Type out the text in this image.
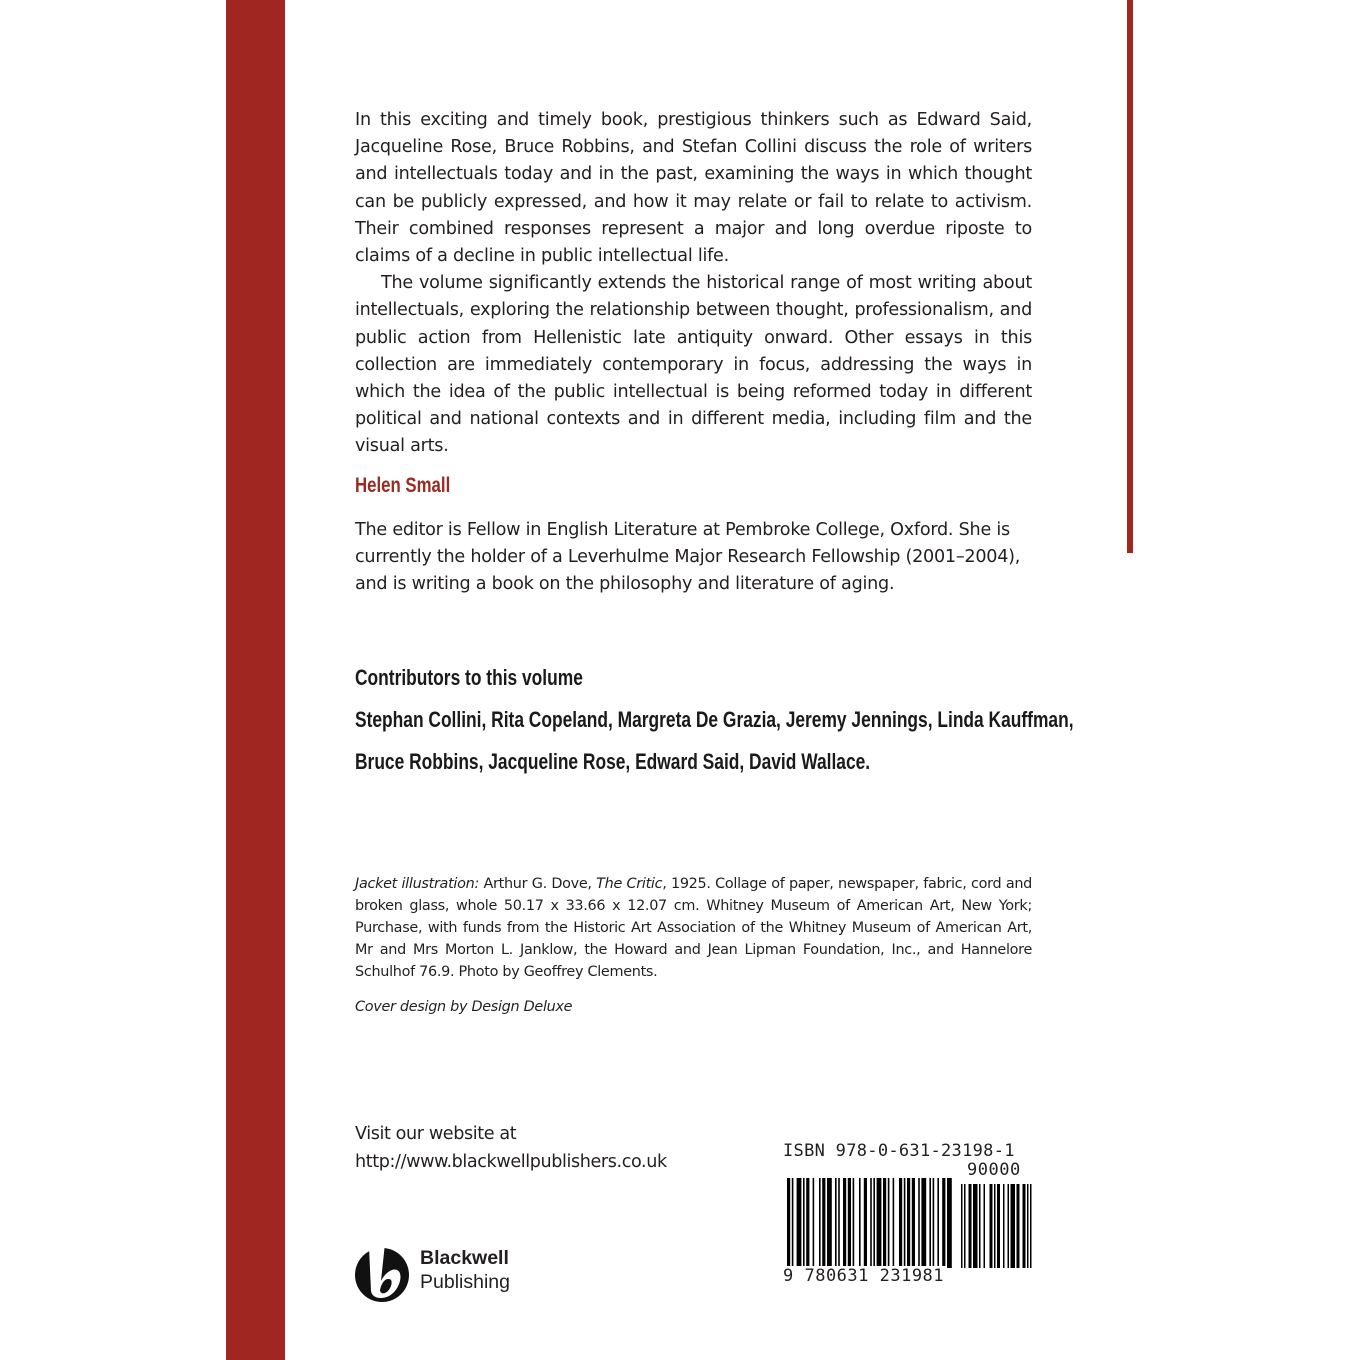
In this exciting and timely book, prestigious thinkers such as Edward Said, Jacqueline Rose, Bruce Robbins, and Stefan Collini discuss the role of writers and intellectuals today and in the past, examining the ways in which thought can be publicly expressed, and how it may relate or fail to relate to activism. Their combined responses represent a major and long overdue riposte to claims of a decline in public intellectual life.

The volume significantly extends the historical range of most writing about intellectuals, exploring the relationship between thought, professionalism, and public action from Hellenistic late antiquity onward. Other essays in this collection are immediately contemporary in focus, addressing the ways in which the idea of the public intellectual is being reformed today in different political and national contexts and in different media, including film and the visual arts.

Helen Small

The editor is Fellow in English Literature at Pembroke College, Oxford. She is currently the holder of a Leverhulme Major Research Fellowship (2001–2004), and is writing a book on the philosophy and literature of aging.

Contributors to this volume

Stephan Collini, Rita Copeland, Margreta De Grazia, Jeremy Jennings, Linda Kauffman,

Bruce Robbins, Jacqueline Rose, Edward Said, David Wallace.

Jacket illustration: Arthur G. Dove, The Critic, 1925. Collage of paper, newspaper, fabric, cord and broken glass, whole 50.17 x 33.66 x 12.07 cm. Whitney Museum of American Art, New York; Purchase, with funds from the Historic Art Association of the Whitney Museum of American Art, Mr and Mrs Morton L. Janklow, the Howard and Jean Lipman Foundation, Inc., and Hannelore Schulhof 76.9. Photo by Geoffrey Clements.

Cover design by Design Deluxe

Visit our website at
http://www.blackwellpublishers.co.uk
Blackwell
Publishing
ISBN 978-0-631-23198-1
90000
9 780631 231981
